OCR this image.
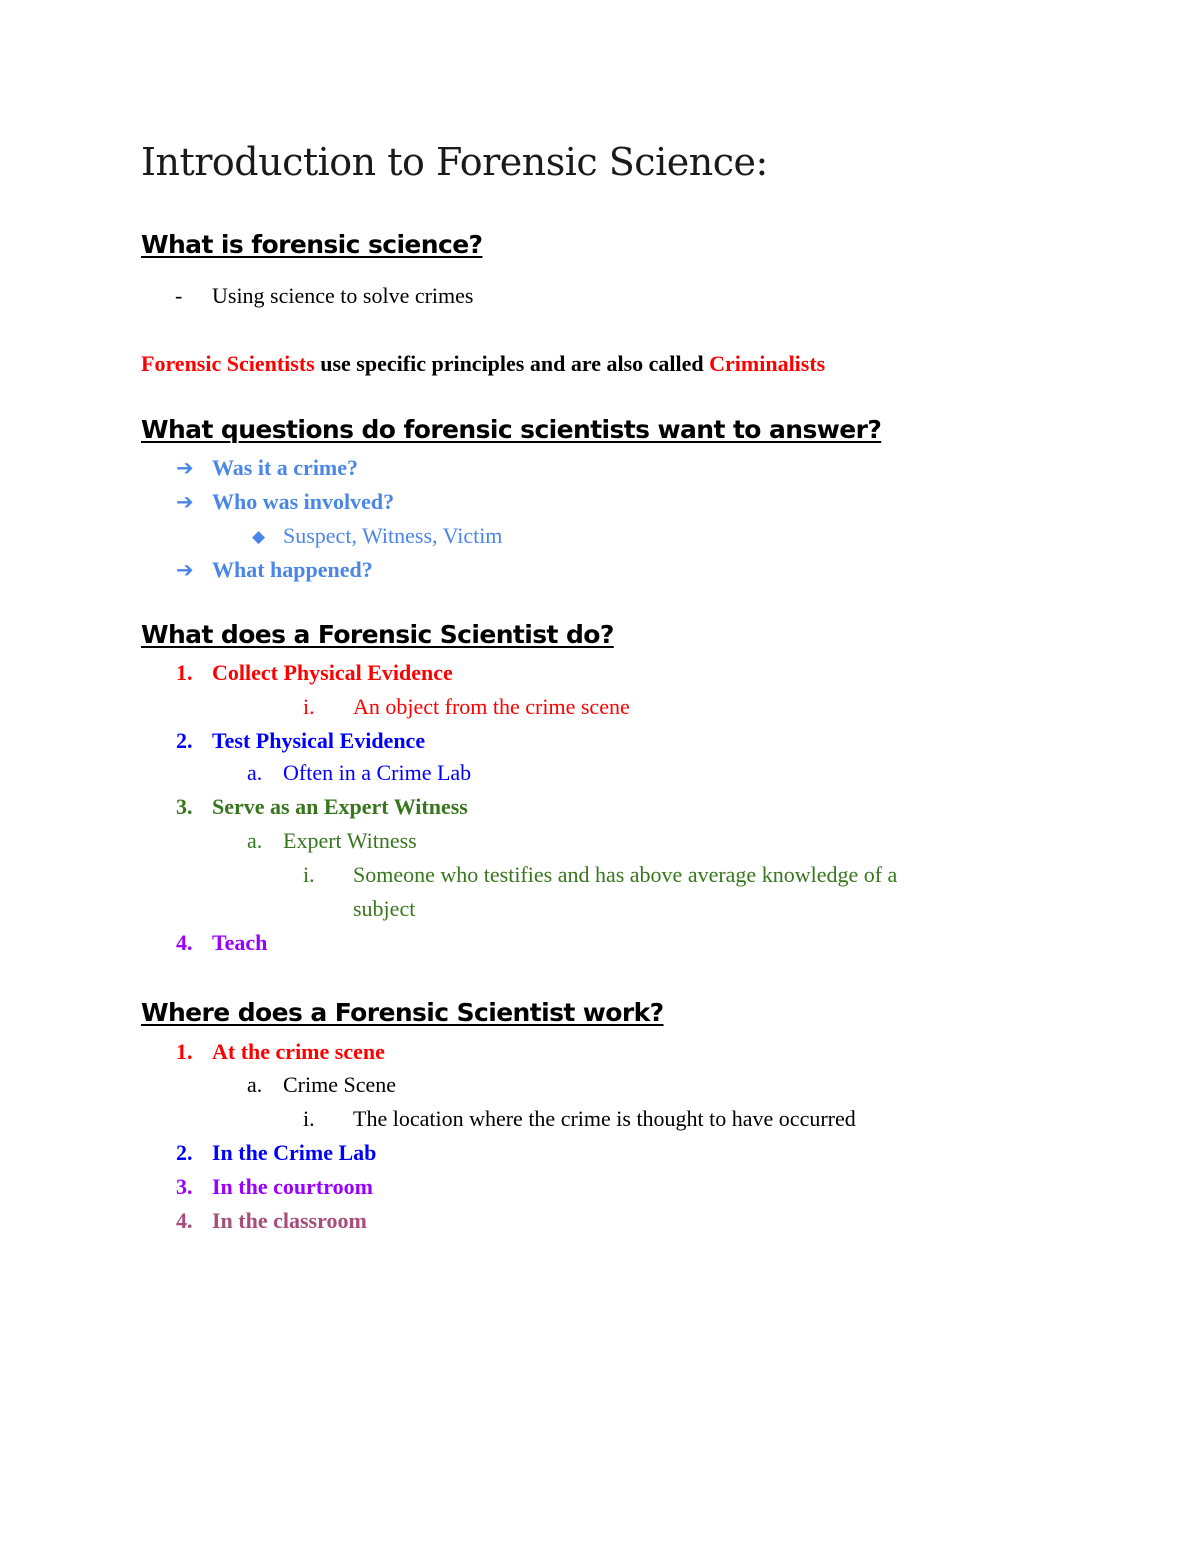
Introduction to Forensic Science:
What is forensic science?
- Using science to solve crimes
Forensic Scientists use specific principles and are also called Criminalists
What questions do forensic scientists want to answer?
➔ Was it a crime?
➔ Who was involved?
◆ Suspect, Witness, Victim
➔ What happened?
What does a Forensic Scientist do?
1. Collect Physical Evidence
i. An object from the crime scene
2. Test Physical Evidence
a. Often in a Crime Lab
3. Serve as an Expert Witness
a. Expert Witness
i. Someone who testifies and has above average knowledge of a
subject
4. Teach
Where does a Forensic Scientist work?
1. At the crime scene
a. Crime Scene
i. The location where the crime is thought to have occurred
2. In the Crime Lab
3. In the courtroom
4. In the classroom
